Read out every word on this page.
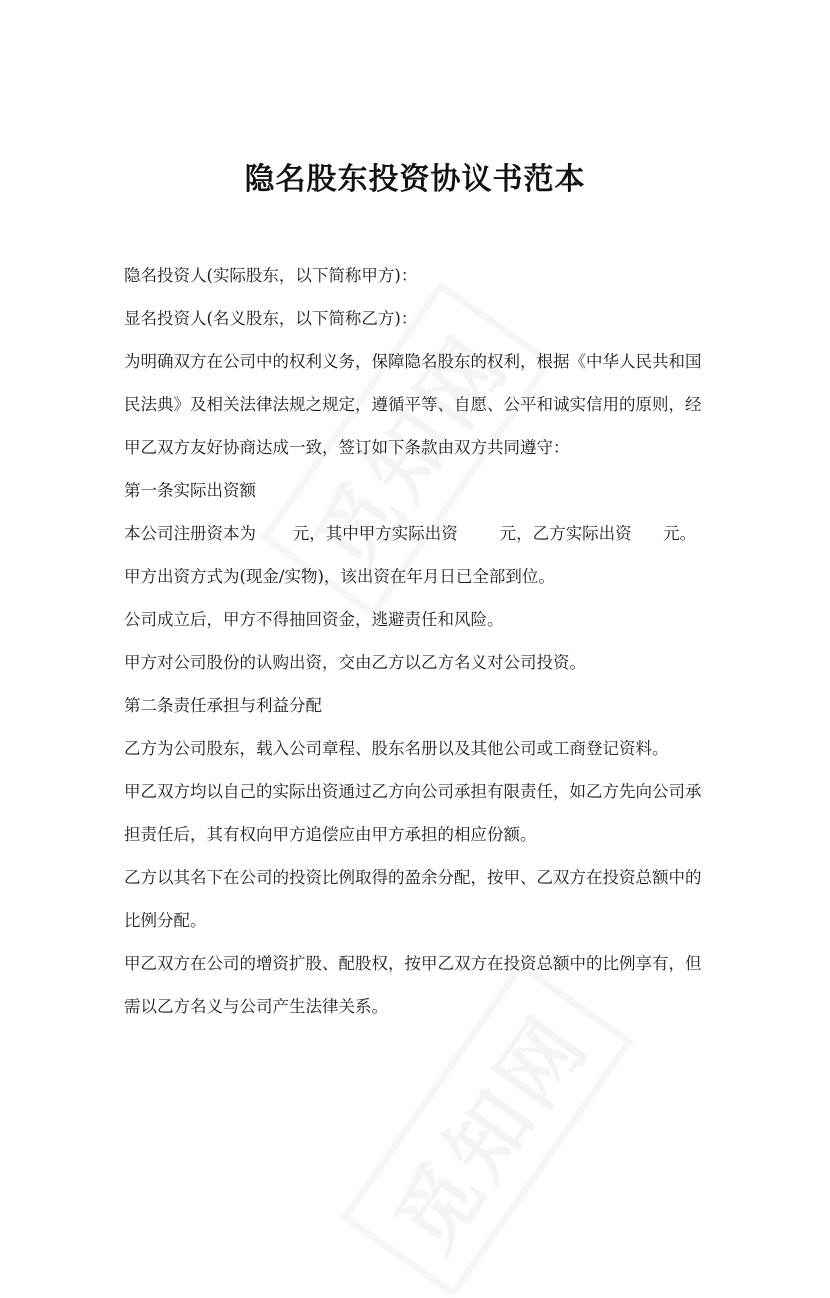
隐名股东投资协议书范本
隐名投资人(实际股东，以下简称甲方)：
显名投资人(名义股东，以下简称乙方)：
为明确双方在公司中的权利义务，保障隐名股东的权利，根据《中华人民共和国
民法典》及相关法律法规之规定，遵循平等、自愿、公平和诚实信用的原则，经
甲乙双方友好协商达成一致，签订如下条款由双方共同遵守：
第一条实际出资额
本公司注册资本为       元，其中甲方实际出资        元，乙方实际出资      元。
甲方出资方式为(现金/实物)，该出资在年月日已全部到位。
公司成立后，甲方不得抽回资金，逃避责任和风险。
甲方对公司股份的认购出资，交由乙方以乙方名义对公司投资。
第二条责任承担与利益分配
乙方为公司股东，载入公司章程、股东名册以及其他公司或工商登记资料。
甲乙双方均以自己的实际出资通过乙方向公司承担有限责任，如乙方先向公司承
担责任后，其有权向甲方追偿应由甲方承担的相应份额。
乙方以其名下在公司的投资比例取得的盈余分配，按甲、乙双方在投资总额中的
比例分配。
甲乙双方在公司的增资扩股、配股权，按甲乙双方在投资总额中的比例享有，但
需以乙方名义与公司产生法律关系。
